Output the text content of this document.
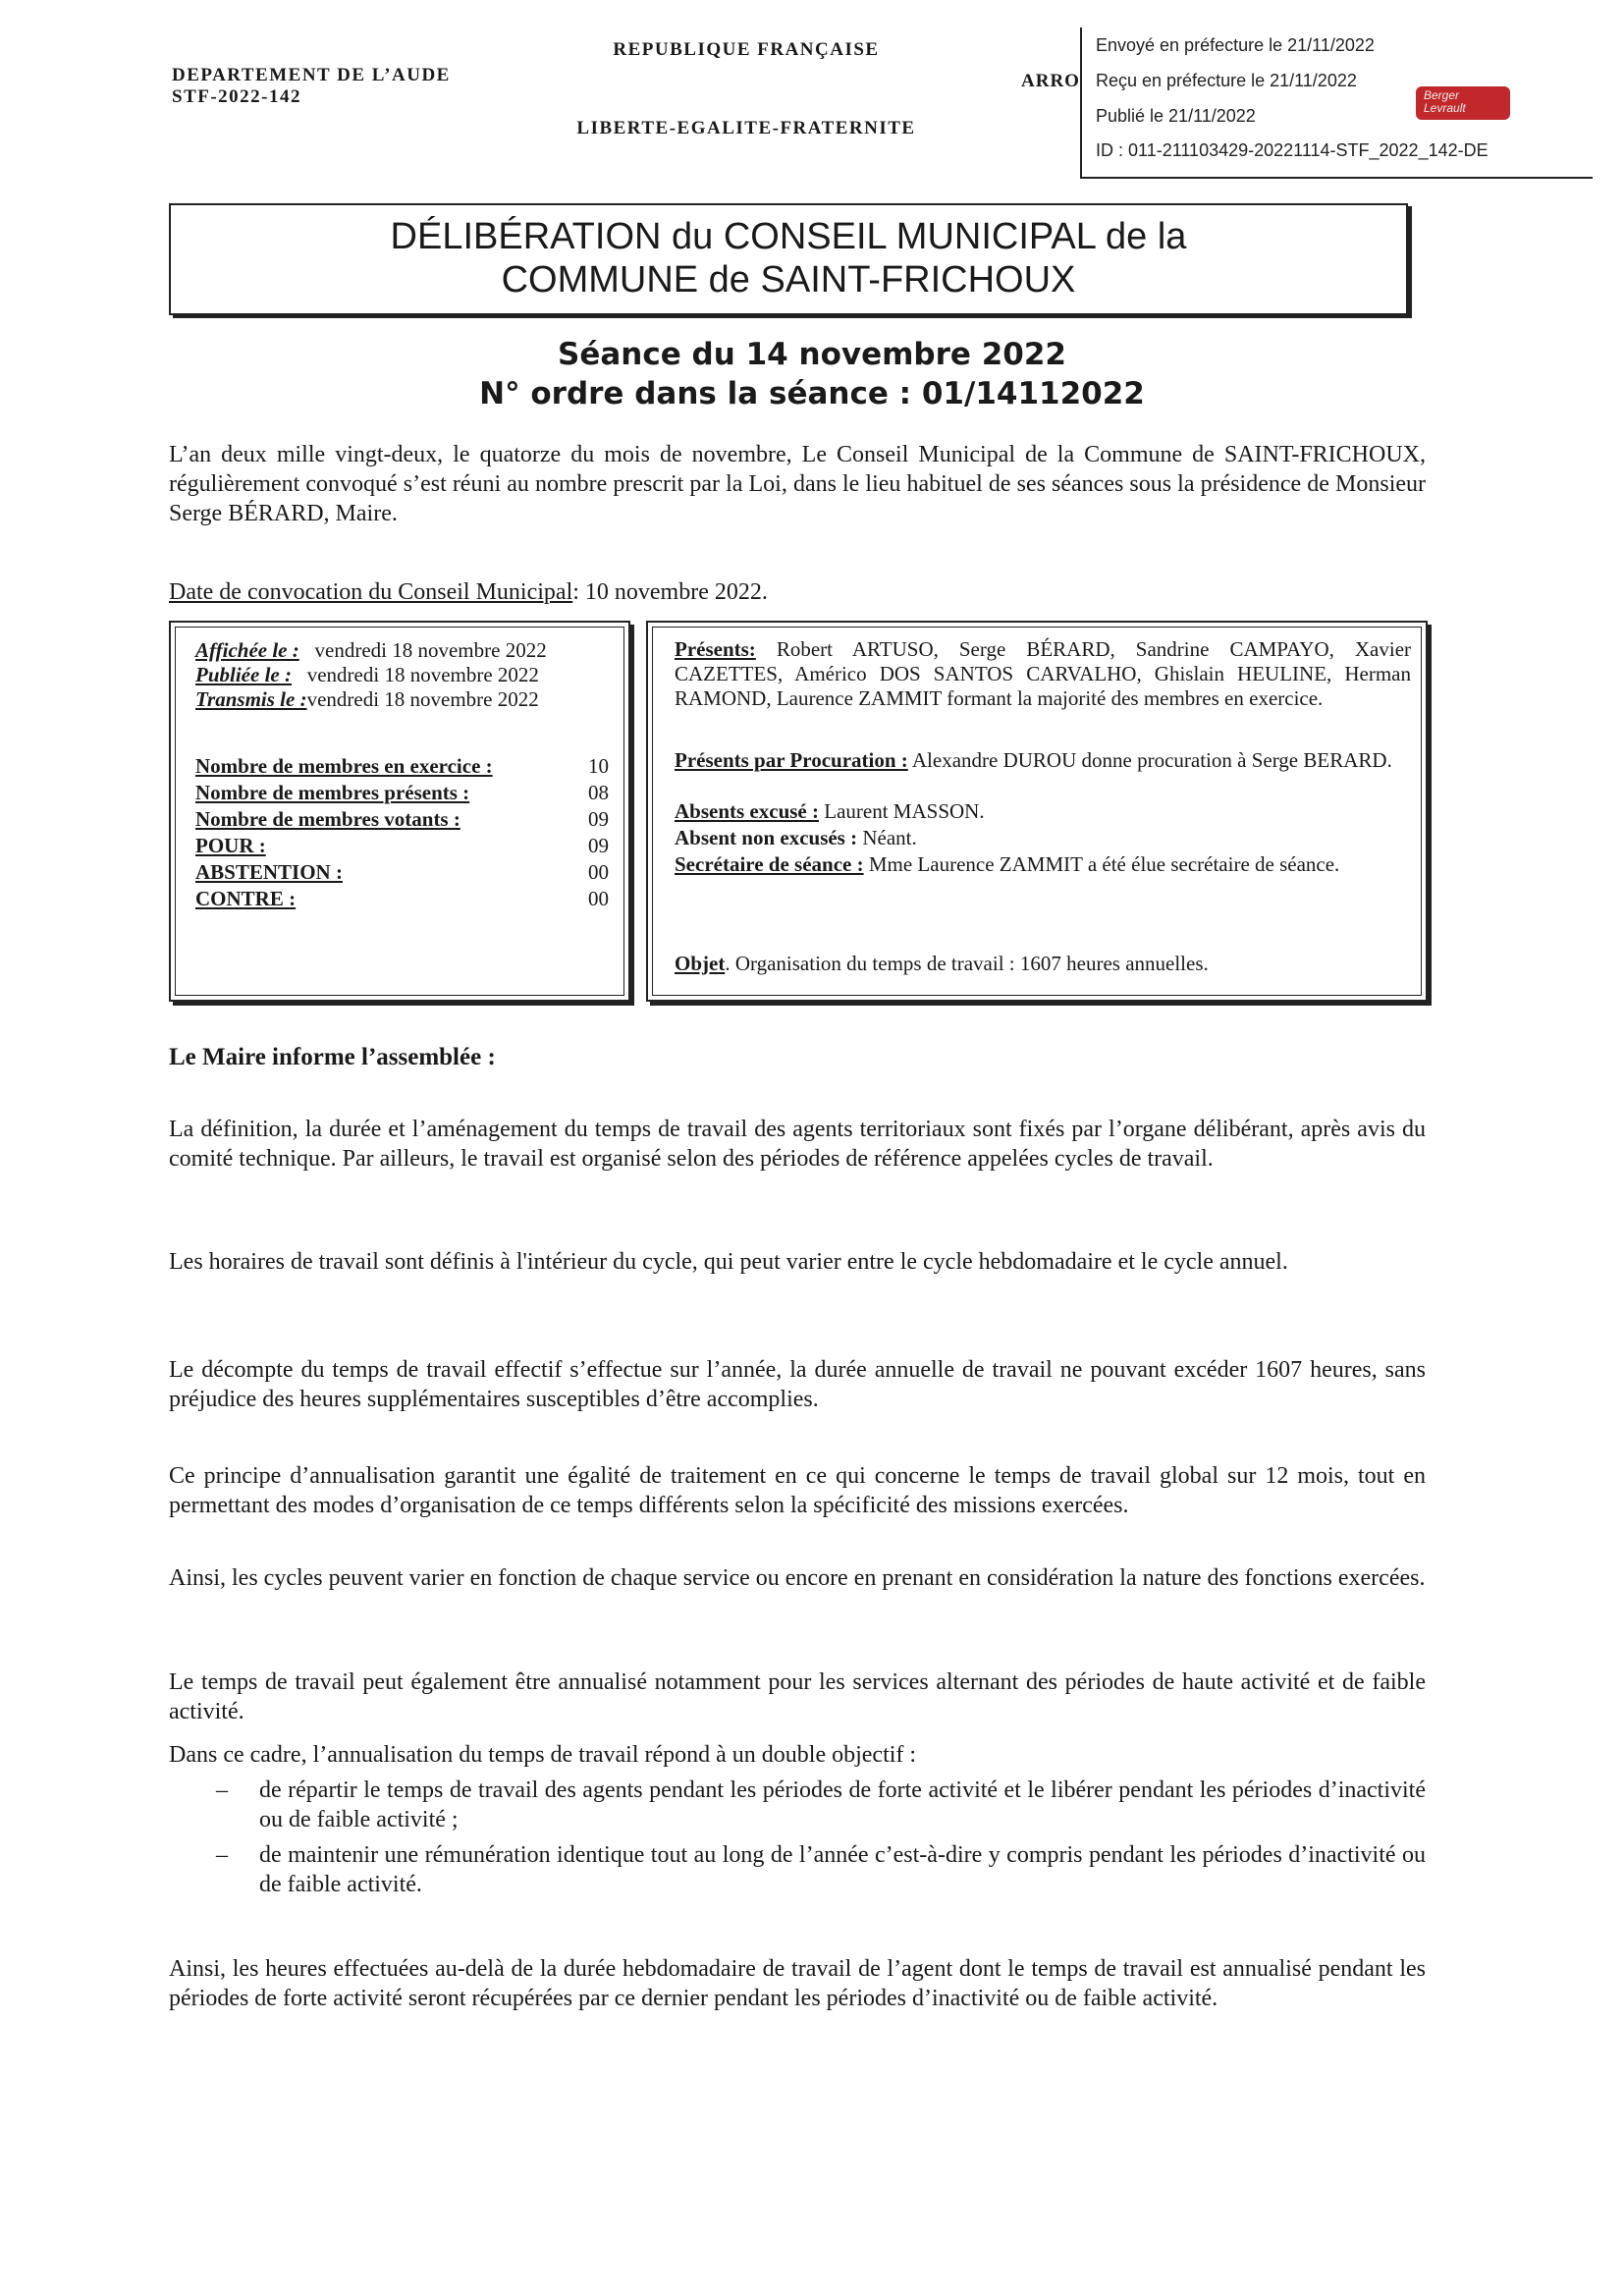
DEPARTEMENT DE L’AUDE
STF-2022-142
REPUBLIQUE FRANÇAISE
LIBERTE-EGALITE-FRATERNITE
ARRO
Envoyé en préfecture le 21/11/2022
Reçu en préfecture le 21/11/2022
Publié le 21/11/2022
ID : 011-211103429-20221114-STF_2022_142-DE
Berger Levrault
DÉLIBÉRATION du CONSEIL MUNICIPAL de la
COMMUNE de SAINT-FRICHOUX
Séance du 14 novembre 2022
N° ordre dans la séance : 01/14112022
L’an deux mille vingt-deux, le quatorze du mois de novembre, Le Conseil Municipal de la Commune de SAINT-FRICHOUX, régulièrement convoqué s’est réuni au nombre prescrit par la Loi, dans le lieu habituel de ses séances sous la présidence de Monsieur Serge BÉRARD, Maire.
Date de convocation du Conseil Municipal: 10 novembre 2022.
Affichée le : vendredi 18 novembre 2022
Publiée le : vendredi 18 novembre 2022
Transmis le :vendredi 18 novembre 2022
Nombre de membres en exercice :	10
Nombre de membres présents :	08
Nombre de membres votants :	09
POUR :	09
ABSTENTION :	00
CONTRE :	00
Présents: Robert ARTUSO, Serge BÉRARD, Sandrine CAMPAYO, Xavier CAZETTES, Américo DOS SANTOS CARVALHO, Ghislain HEULINE, Herman RAMOND, Laurence ZAMMIT formant la majorité des membres en exercice.
Présents par Procuration : Alexandre DUROU donne procuration à Serge BERARD.
Absents excusé : Laurent MASSON.
Absent non excusés : Néant.
Secrétaire de séance : Mme Laurence ZAMMIT a été élue secrétaire de séance.
Objet. Organisation du temps de travail : 1607 heures annuelles.
Le Maire informe l’assemblée :
La définition, la durée et l’aménagement du temps de travail des agents territoriaux sont fixés par l’organe délibérant, après avis du comité technique. Par ailleurs, le travail est organisé selon des périodes de référence appelées cycles de travail.
Les horaires de travail sont définis à l'intérieur du cycle, qui peut varier entre le cycle hebdomadaire et le cycle annuel.
Le décompte du temps de travail effectif s’effectue sur l’année, la durée annuelle de travail ne pouvant excéder 1607 heures, sans préjudice des heures supplémentaires susceptibles d’être accomplies.
Ce principe d’annualisation garantit une égalité de traitement en ce qui concerne le temps de travail global sur 12 mois, tout en permettant des modes d’organisation de ce temps différents selon la spécificité des missions exercées.
Ainsi, les cycles peuvent varier en fonction de chaque service ou encore en prenant en considération la nature des fonctions exercées.
Le temps de travail peut également être annualisé notamment pour les services alternant des périodes de haute activité et de faible activité.
Dans ce cadre, l’annualisation du temps de travail répond à un double objectif :
– de répartir le temps de travail des agents pendant les périodes de forte activité et le libérer pendant les périodes d’inactivité ou de faible activité ;
– de maintenir une rémunération identique tout au long de l’année c’est-à-dire y compris pendant les périodes d’inactivité ou de faible activité.
Ainsi, les heures effectuées au-delà de la durée hebdomadaire de travail de l’agent dont le temps de travail est annualisé pendant les périodes de forte activité seront récupérées par ce dernier pendant les périodes d’inactivité ou de faible activité.
